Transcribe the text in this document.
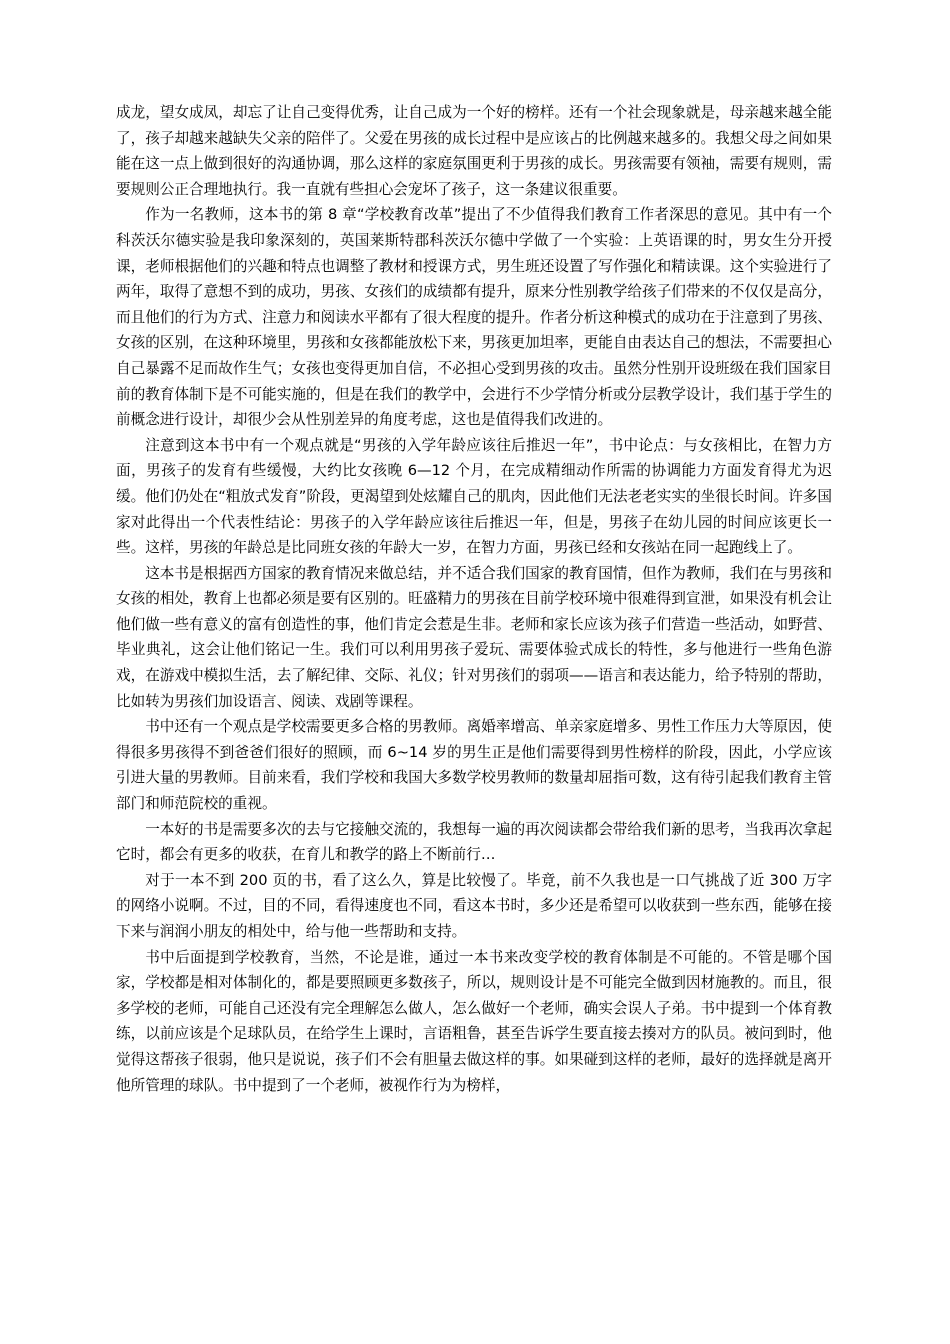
成龙，望女成凤，却忘了让自己变得优秀，让自己成为一个好的榜样。还有一个社会现象就是，母亲越来越全能了，孩子却越来越缺失父亲的陪伴了。父爱在男孩的成长过程中是应该占的比例越来越多的。我想父母之间如果能在这一点上做到很好的沟通协调，那么这样的家庭氛围更利于男孩的成长。男孩需要有领袖，需要有规则，需要规则公正合理地执行。我一直就有些担心会宠坏了孩子，这一条建议很重要。

作为一名教师，这本书的第 8 章“学校教育改革”提出了不少值得我们教育工作者深思的意见。其中有一个科茨沃尔德实验是我印象深刻的，英国莱斯特郡科茨沃尔德中学做了一个实验：上英语课的时，男女生分开授课，老师根据他们的兴趣和特点也调整了教材和授课方式，男生班还设置了写作强化和精读课。这个实验进行了两年，取得了意想不到的成功，男孩、女孩们的成绩都有提升，原来分性别教学给孩子们带来的不仅仅是高分，而且他们的行为方式、注意力和阅读水平都有了很大程度的提升。作者分析这种模式的成功在于注意到了男孩、女孩的区别，在这种环境里，男孩和女孩都能放松下来，男孩更加坦率，更能自由表达自己的想法，不需要担心自己暴露不足而故作生气；女孩也变得更加自信，不必担心受到男孩的攻击。虽然分性别开设班级在我们国家目前的教育体制下是不可能实施的，但是在我们的教学中，会进行不少学情分析或分层教学设计，我们基于学生的前概念进行设计，却很少会从性别差异的角度考虑，这也是值得我们改进的。

注意到这本书中有一个观点就是“男孩的入学年龄应该往后推迟一年”，书中论点：与女孩相比，在智力方面，男孩子的发育有些缓慢，大约比女孩晚 6—12 个月，在完成精细动作所需的协调能力方面发育得尤为迟缓。他们仍处在“粗放式发育”阶段，更渴望到处炫耀自己的肌肉，因此他们无法老老实实的坐很长时间。许多国家对此得出一个代表性结论：男孩子的入学年龄应该往后推迟一年，但是，男孩子在幼儿园的时间应该更长一些。这样，男孩的年龄总是比同班女孩的年龄大一岁，在智力方面，男孩已经和女孩站在同一起跑线上了。

这本书是根据西方国家的教育情况来做总结，并不适合我们国家的教育国情，但作为教师，我们在与男孩和女孩的相处，教育上也都必须是要有区别的。旺盛精力的男孩在目前学校环境中很难得到宣泄，如果没有机会让他们做一些有意义的富有创造性的事，他们肯定会惹是生非。老师和家长应该为孩子们营造一些活动，如野营、毕业典礼，这会让他们铭记一生。我们可以利用男孩子爱玩、需要体验式成长的特性，多与他进行一些角色游戏，在游戏中模拟生活，去了解纪律、交际、礼仪；针对男孩们的弱项——语言和表达能力，给予特别的帮助，比如转为男孩们加设语言、阅读、戏剧等课程。

书中还有一个观点是学校需要更多合格的男教师。离婚率增高、单亲家庭增多、男性工作压力大等原因，使得很多男孩得不到爸爸们很好的照顾，而 6~14 岁的男生正是他们需要得到男性榜样的阶段，因此，小学应该引进大量的男教师。目前来看，我们学校和我国大多数学校男教师的数量却屈指可数，这有待引起我们教育主管部门和师范院校的重视。

一本好的书是需要多次的去与它接触交流的，我想每一遍的再次阅读都会带给我们新的思考，当我再次拿起它时，都会有更多的收获，在育儿和教学的路上不断前行…

对于一本不到 200 页的书，看了这么久，算是比较慢了。毕竟，前不久我也是一口气挑战了近 300 万字的网络小说啊。不过，目的不同，看得速度也不同，看这本书时，多少还是希望可以收获到一些东西，能够在接下来与润润小朋友的相处中，给与他一些帮助和支持。

书中后面提到学校教育，当然，不论是谁，通过一本书来改变学校的教育体制是不可能的。不管是哪个国家，学校都是相对体制化的，都是要照顾更多数孩子，所以，规则设计是不可能完全做到因材施教的。而且，很多学校的老师，可能自己还没有完全理解怎么做人，怎么做好一个老师，确实会误人子弟。书中提到一个体育教练，以前应该是个足球队员，在给学生上课时，言语粗鲁，甚至告诉学生要直接去揍对方的队员。被问到时，他觉得这帮孩子很弱，他只是说说，孩子们不会有胆量去做这样的事。如果碰到这样的老师，最好的选择就是离开他所管理的球队。书中提到了一个老师，被视作行为为榜样，
